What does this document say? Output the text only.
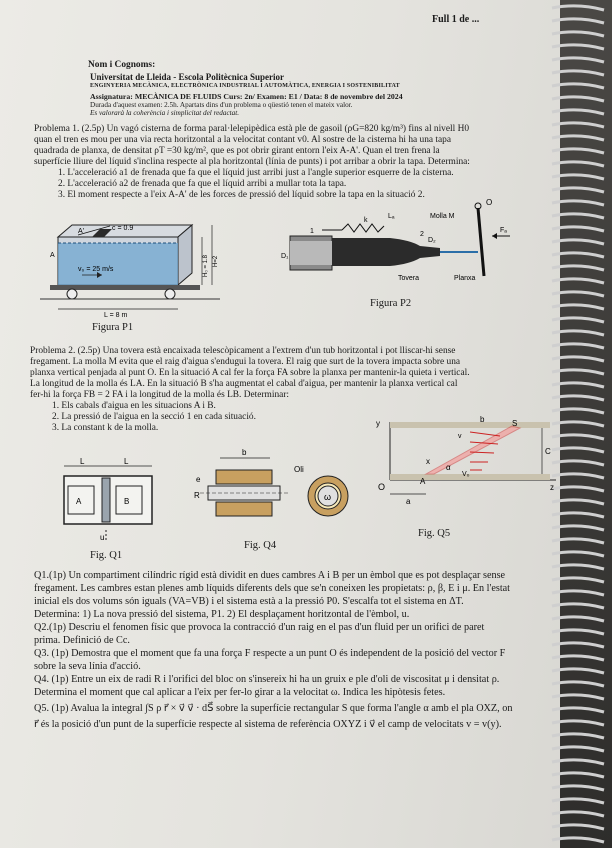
Full 1 de ...
Nom i Cognoms:
Universitat de Lleida - Escola Politècnica Superior
ENGINYERIA MECÀNICA, ELECTRÒNICA INDUSTRIAL I AUTOMÀTICA, ENERGIA I SOSTENIBILITAT
Assignatura: MECÀNICA DE FLUIDS Curs: 2n/ Examen: E1 / Data: 8 de novembre del 2024
Durada d'aquest examen: 2.5h. Apartats dins d'un problema o qüestió tenen el mateix valor.
Es valorarà la coherència i simplicitat del redactat.
Problema 1. (2.5p) Un vagó cisterna de forma paral·lelepipèdica està ple de gasoil (ρG=820 kg/m³) fins al nivell H0
quan el tren es mou per una via recta horitzontal a la velocitat contant v0. Al sostre de la cisterna hi ha una tapa
quadrada de planxa, de densitat ρT =30 kg/m², que es pot obrir girant entorn l'eix A-A'. Quan el tren frena la
superfície lliure del líquid s'inclina respecte al pla horitzontal (línia de punts) i pot arribar a obrir la tapa. Determina:
1. L'acceleració a1 de frenada que fa que el líquid just arribi just a l'angle superior esquerre de la cisterna.
2. L'acceleració a2 de frenada que fa que el líquid arribi a mullar tota la tapa.
3. El moment respecte a l'eix A-A' de les forces de pressió del líquid sobre la tapa en la situació 2.
A'	c = 0.9
A	H₀ = 1.8 H=2
v₀ = 25 m/s
L = 8 m
Figura P1
Lₐ	Molla M
k
O
D₂
Fₐ
D₁
1	2
Tovera	Planxa
Figura P2
Problema 2. (2.5p) Una tovera està encaixada telescòpicament a l'extrem d'un tub horitzontal i pot lliscar-hi sense
fregament. La molla M evita que el raig d'aigua s'endugui la tovera. El raig que surt de la tovera impacta sobre una
planxa vertical penjada al punt O. En la situació A cal fer la força FA sobre la planxa per mantenir-la quieta i vertical.
La longitud de la molla és LA. En la situació B s'ha augmentat el cabal d'aigua, per mantenir la planxa vertical cal
fer-hi la força FB = 2 FA i la longitud de la molla és LB. Determinar:
1. Els cabals d'aigua en les situacions A i B.
2. La pressió de l'aigua en la secció 1 en cada situació.
3. La constant k de la molla.
L	L
A	B
u
Fig. Q1
b
e
R
Oli
ω
Fig. Q4
y	b	S
C
x
α
O
A
V₀
v
a
z
Fig. Q5
Q1.(1p) Un compartiment cilíndric rígid està dividit en dues cambres A i B per un èmbol que es pot desplaçar sense
fregament. Les cambres estan plenes amb líquids diferents dels que se'n coneixen les propietats: ρ, β, E i μ. En l'estat
inicial els dos volums són iguals (VA=VB) i el sistema està a la pressió P0. S'escalfa tot el sistema en ΔT.
Determina: 1) La nova pressió del sistema, P1. 2) El desplaçament horitzontal de l'èmbol, u.
Q2.(1p) Descriu el fenomen físic que provoca la contracció d'un raig en el pas d'un fluid per un orifici de paret
prima. Definició de Cc.
Q3. (1p) Demostra que el moment que fa una força F respecte a un punt O és independent de la posició del vector F
sobre la seva línia d'acció.
Q4. (1p) Entre un eix de radi R i l'orifici del bloc on s'insereix hi ha un gruix e ple d'oli de viscositat μ i densitat ρ.
Determina el moment que cal aplicar a l'eix per fer-lo girar a la velocitat ω. Indica les hipòtesis fetes.
Q5. (1p) Avalua la integral ∫S ρ r⃗ × v⃗ v⃗ · dS⃗ sobre la superfície rectangular S que forma l'angle α amb el pla OXZ, on
r⃗ és la posició d'un punt de la superfície respecte al sistema de referència OXYZ i v⃗ el camp de velocitats v = v(y).
